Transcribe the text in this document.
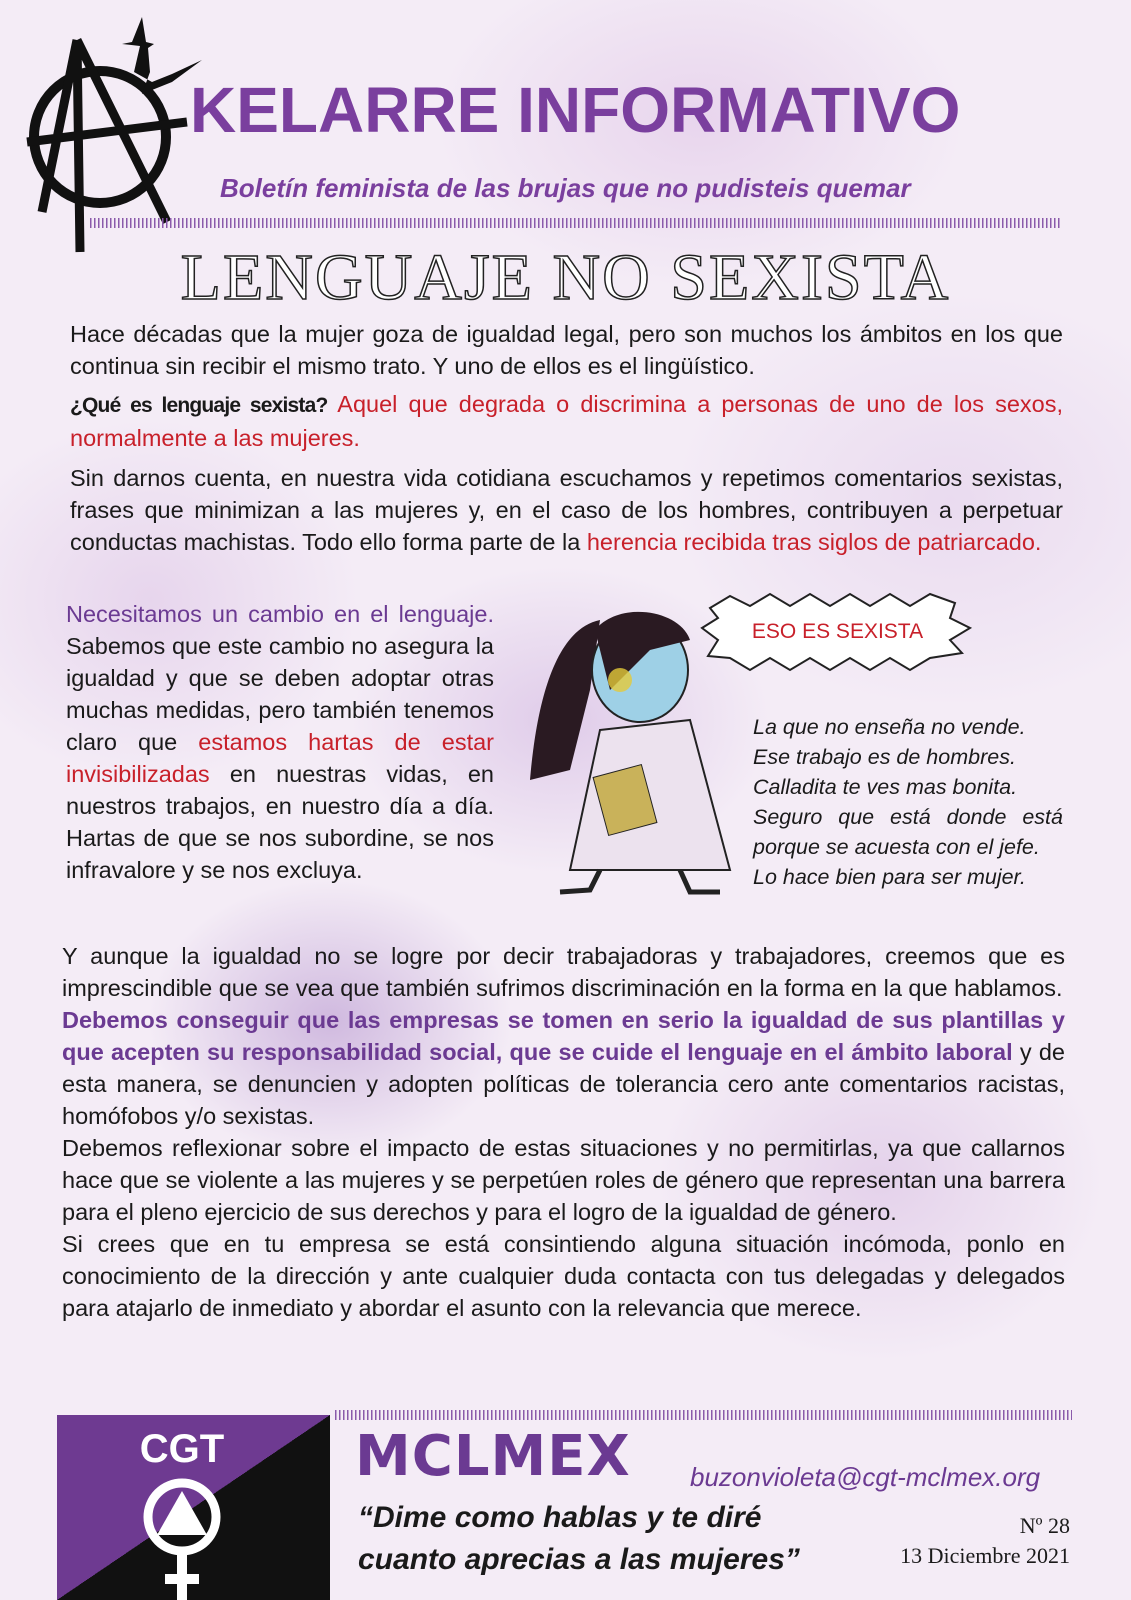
KELARRE INFORMATIVO
Boletín feminista de las brujas que no pudisteis quemar
LENGUAJE NO SEXISTA
Hace décadas que la mujer goza de igualdad legal, pero son muchos los ámbitos en los que continua sin recibir el mismo trato. Y uno de ellos es el lingüístico.
¿Qué es lenguaje sexista? Aquel que degrada o discrimina a personas de uno de los sexos, normalmente a las mujeres.
Sin darnos cuenta, en nuestra vida cotidiana escuchamos y repetimos comentarios sexistas, frases que minimizan a las mujeres y, en el caso de los hombres, contribuyen a perpetuar conductas machistas. Todo ello forma parte de la herencia recibida tras siglos de patriarcado.
Necesitamos un cambio en el lenguaje. Sabemos que este cambio no asegura la igualdad y que se deben adoptar otras muchas medidas, pero también tenemos claro que estamos hartas de estar invisibilizadas en nuestras vidas, en nuestros trabajos, en nuestro día a día. Hartas de que se nos subordine, se nos infravalore y se nos excluya.
ESO ES SEXISTA
La que no enseña no vende.
Ese trabajo es de hombres.
Calladita te ves mas bonita.
Seguro que está donde está porque se acuesta con el jefe.
Lo hace bien para ser mujer.
Y aunque la igualdad no se logre por decir trabajadoras y trabajadores, creemos que es imprescindible que se vea que también sufrimos discriminación en la forma en la que hablamos.
Debemos conseguir que las empresas se tomen en serio la igualdad de sus plantillas y que acepten su responsabilidad social, que se cuide el lenguaje en el ámbito laboral y de esta manera, se denuncien y adopten políticas de tolerancia cero ante comentarios racistas, homófobos y/o sexistas.
Debemos reflexionar sobre el impacto de estas situaciones y no permitirlas, ya que callarnos hace que se violente a las mujeres y se perpetúen roles de género que representan una barrera para el pleno ejercicio de sus derechos y para el logro de la igualdad de género.
Si crees que en tu empresa se está consintiendo alguna situación incómoda, ponlo en conocimiento de la dirección y ante cualquier duda contacta con tus delegadas y delegados para atajarlo de inmediato y abordar el asunto con la relevancia que merece.
CGT	MCLMEX buzonvioleta@cgt-mclmex.org
“Dime como hablas y te diré
cuanto aprecias a las mujeres”
Nº 28
13 Diciembre 2021
